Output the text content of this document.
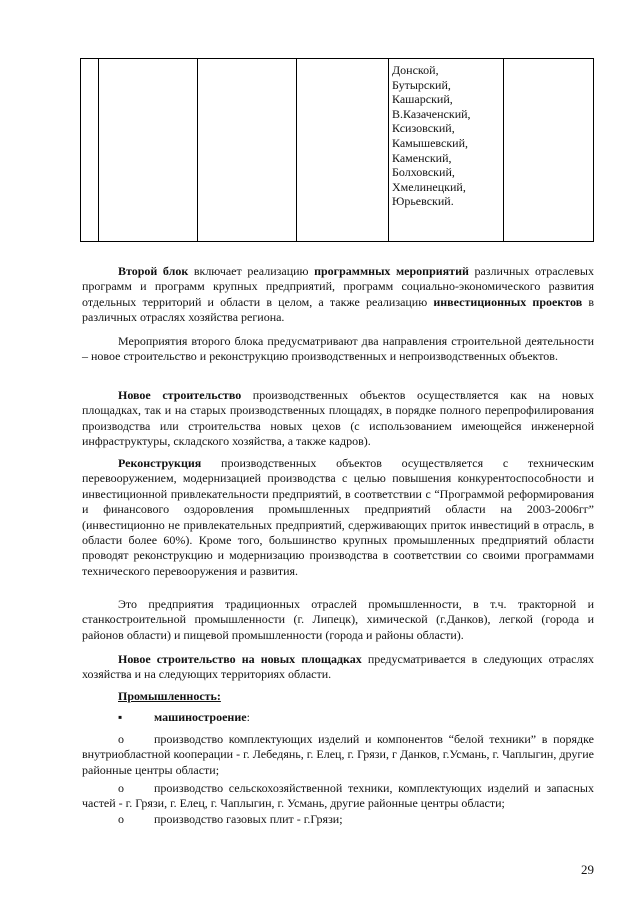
Донской,
Бутырский,
Кашарский,
В.Казаченский,
Ксизовский,
Камышевский,
Каменский,
Болховский,
Хмелинецкий,
Юрьевский.

Второй блок включает реализацию программных мероприятий различных отраслевых программ и программ крупных предприятий, программ социально-экономического развития отдельных территорий и области в целом, а также реализацию инвестиционных проектов в различных отраслях хозяйства региона.

Мероприятия второго блока предусматривают два направления строительной деятельности – новое строительство и реконструкцию производственных и непроизводственных объектов.

Новое строительство производственных объектов осуществляется как на новых площадках, так и на старых производственных площадях, в порядке полного перепрофилирования производства или строительства новых цехов (с использованием имеющейся инженерной инфраструктуры, складского хозяйства, а также кадров).

Реконструкция производственных объектов осуществляется с техническим перевооружением, модернизацией производства с целью повышения конкурентоспособности и инвестиционной привлекательности предприятий, в соответствии с “Программой реформирования и финансового оздоровления промышленных предприятий области на 2003-2006гг” (инвестиционно не привлекательных предприятий, сдерживающих приток инвестиций в отрасль, в области более 60%). Кроме того, большинство крупных промышленных предприятий области проводят реконструкцию и модернизацию производства в соответствии со своими программами технического перевооружения и развития.

Это предприятия традиционных отраслей промышленности, в т.ч. тракторной и станкостроительной промышленности (г. Липецк), химической (г.Данков), легкой (города и районов области) и пищевой промышленности (города и районы области).

Новое строительство на новых площадках предусматривается в следующих отраслях хозяйства и на следующих территориях области.

Промышленность:

▪	машиностроение:

o	производство комплектующих изделий и компонентов “белой техники” в порядке внутриобластной кооперации - г. Лебедянь, г. Елец, г. Грязи, г Данков, г.Усмань, г. Чаплыгин, другие районные центры области;

o	производство сельскохозяйственной техники, комплектующих изделий и запасных частей - г. Грязи, г. Елец, г. Чаплыгин, г. Усмань, другие районные центры области;

o	производство газовых плит - г.Грязи;

29
